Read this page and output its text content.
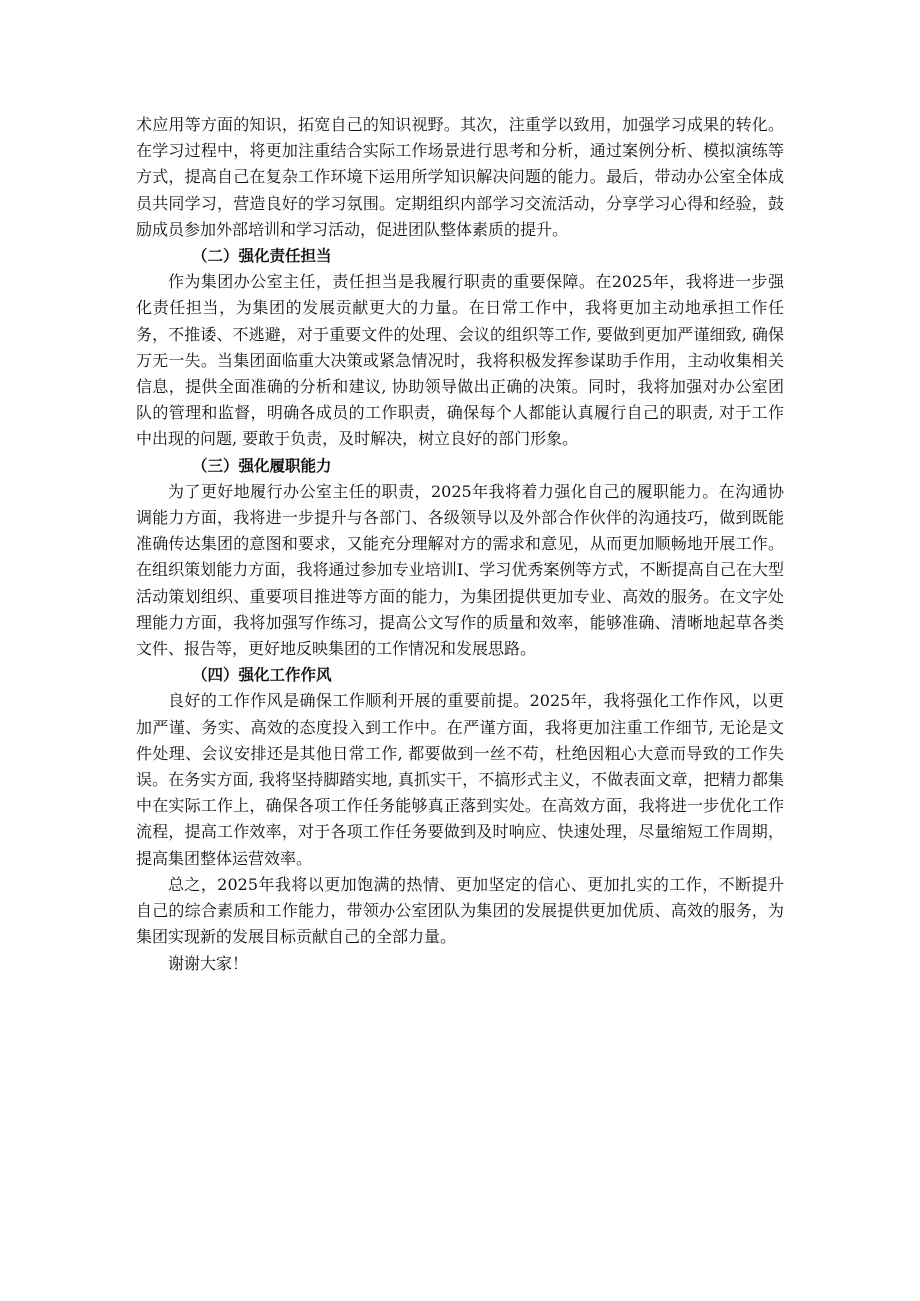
术应用等方面的知识，拓宽自己的知识视野。其次，注重学以致用，加强学习成果的转化。在学习过程中，将更加注重结合实际工作场景进行思考和分析，通过案例分析、模拟演练等方式，提高自己在复杂工作环境下运用所学知识解决问题的能力。最后，带动办公室全体成员共同学习，营造良好的学习氛围。定期组织内部学习交流活动，分享学习心得和经验，鼓励成员参加外部培训和学习活动，促进团队整体素质的提升。

（二）强化责任担当

作为集团办公室主任，责任担当是我履行职责的重要保障。在2025年，我将进一步强化责任担当，为集团的发展贡献更大的力量。在日常工作中，我将更加主动地承担工作任务，不推诿、不逃避，对于重要文件的处理、会议的组织等工作, 要做到更加严谨细致, 确保万无一失。当集团面临重大决策或紧急情况时，我将积极发挥参谋助手作用，主动收集相关信息，提供全面准确的分析和建议, 协助领导做出正确的决策。同时，我将加强对办公室团队的管理和监督，明确各成员的工作职责，确保每个人都能认真履行自己的职责, 对于工作中出现的问题, 要敢于负责，及时解决，树立良好的部门形象。

（三）强化履职能力

为了更好地履行办公室主任的职责，2025年我将着力强化自己的履职能力。在沟通协调能力方面，我将进一步提升与各部门、各级领导以及外部合作伙伴的沟通技巧，做到既能准确传达集团的意图和要求，又能充分理解对方的需求和意见，从而更加顺畅地开展工作。在组织策划能力方面，我将通过参加专业培训I、学习优秀案例等方式，不断提高自己在大型活动策划组织、重要项目推进等方面的能力，为集团提供更加专业、高效的服务。在文字处理能力方面，我将加强写作练习，提高公文写作的质量和效率，能够准确、清晰地起草各类文件、报告等，更好地反映集团的工作情况和发展思路。

（四）强化工作作风

良好的工作作风是确保工作顺利开展的重要前提。2025年，我将强化工作作风，以更加严谨、务实、高效的态度投入到工作中。在严谨方面，我将更加注重工作细节, 无论是文件处理、会议安排还是其他日常工作, 都要做到一丝不苟，杜绝因粗心大意而导致的工作失误。在务实方面, 我将坚持脚踏实地, 真抓实干，不搞形式主义，不做表面文章，把精力都集中在实际工作上，确保各项工作任务能够真正落到实处。在高效方面，我将进一步优化工作流程，提高工作效率，对于各项工作任务要做到及时响应、快速处理，尽量缩短工作周期，提高集团整体运营效率。

总之，2025年我将以更加饱满的热情、更加坚定的信心、更加扎实的工作，不断提升自己的综合素质和工作能力，带领办公室团队为集团的发展提供更加优质、高效的服务，为集团实现新的发展目标贡献自己的全部力量。

谢谢大家！
